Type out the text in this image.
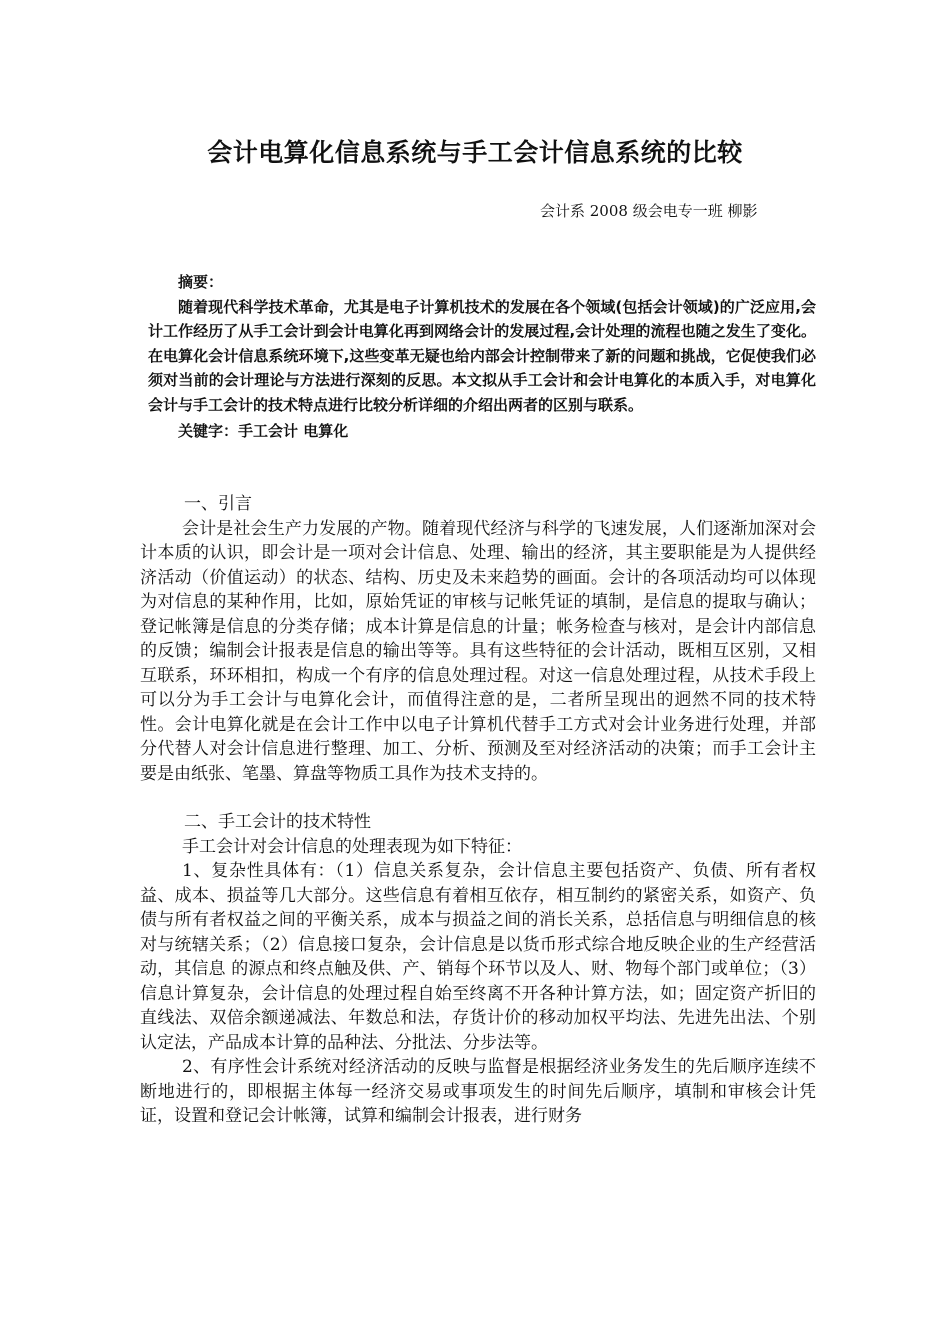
会计电算化信息系统与手工会计信息系统的比较
会计系 2008 级会电专一班 柳影
摘要：
随着现代科学技术革命，尤其是电子计算机技术的发展在各个领域(包括会计领域)的广泛应用,会计工作经历了从手工会计到会计电算化再到网络会计的发展过程,会计处理的流程也随之发生了变化。在电算化会计信息系统环境下,这些变革无疑也给内部会计控制带来了新的问题和挑战，它促使我们必须对当前的会计理论与方法进行深刻的反思。本文拟从手工会计和会计电算化的本质入手，对电算化会计与手工会计的技术特点进行比较分析详细的介绍出两者的区别与联系。
关键字：手工会计 电算化
一、引言
会计是社会生产力发展的产物。随着现代经济与科学的飞速发展，人们逐渐加深对会计本质的认识，即会计是一项对会计信息、处理、输出的经济，其主要职能是为人提供经济活动（价值运动）的状态、结构、历史及未来趋势的画面。会计的各项活动均可以体现为对信息的某种作用，比如，原始凭证的审核与记帐凭证的填制，是信息的提取与确认；登记帐簿是信息的分类存储；成本计算是信息的计量；帐务检查与核对，是会计内部信息的反馈；编制会计报表是信息的输出等等。具有这些特征的会计活动，既相互区别，又相互联系，环环相扣，构成一个有序的信息处理过程。对这一信息处理过程，从技术手段上可以分为手工会计与电算化会计，而值得注意的是，二者所呈现出的迥然不同的技术特性。会计电算化就是在会计工作中以电子计算机代替手工方式对会计业务进行处理，并部分代替人对会计信息进行整理、加工、分析、预测及至对经济活动的决策；而手工会计主要是由纸张、笔墨、算盘等物质工具作为技术支持的。
二、手工会计的技术特性
手工会计对会计信息的处理表现为如下特征：
1、复杂性具体有：（1）信息关系复杂，会计信息主要包括资产、负债、所有者权益、成本、损益等几大部分。这些信息有着相互依存，相互制约的紧密关系，如资产、负债与所有者权益之间的平衡关系，成本与损益之间的消长关系，总括信息与明细信息的核对与统辖关系；（2）信息接口复杂，会计信息是以货币形式综合地反映企业的生产经营活动，其信息 的源点和终点触及供、产、销每个环节以及人、财、物每个部门或单位；（3）信息计算复杂，会计信息的处理过程自始至终离不开各种计算方法，如；固定资产折旧的直线法、双倍余额递减法、年数总和法，存货计价的移动加权平均法、先进先出法、个别认定法，产品成本计算的品种法、分批法、分步法等。
2、有序性会计系统对经济活动的反映与监督是根据经济业务发生的先后顺序连续不断地进行的，即根据主体每一经济交易或事项发生的时间先后顺序，填制和审核会计凭证，设置和登记会计帐簿，试算和编制会计报表，进行财务
